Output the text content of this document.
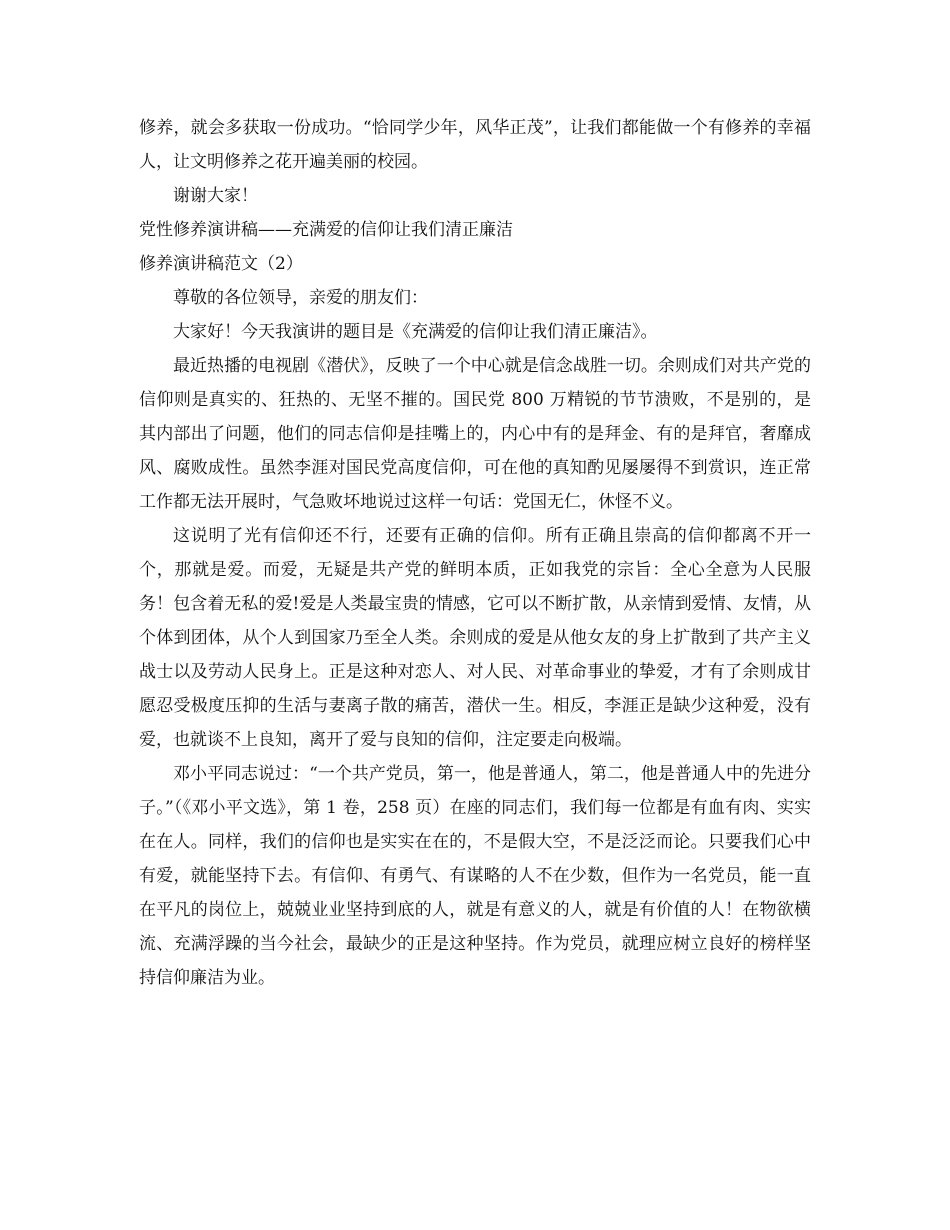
修养，就会多获取一份成功。“恰同学少年，风华正茂”，让我们都能做一个有修养的幸福人，让文明修养之花开遍美丽的校园。

谢谢大家！

党性修养演讲稿——充满爱的信仰让我们清正廉洁

修养演讲稿范文（2）

尊敬的各位领导，亲爱的朋友们：

大家好！今天我演讲的题目是《充满爱的信仰让我们清正廉洁》。

最近热播的电视剧《潜伏》，反映了一个中心就是信念战胜一切。余则成们对共产党的信仰则是真实的、狂热的、无坚不摧的。国民党 800 万精锐的节节溃败，不是别的，是其内部出了问题，他们的同志信仰是挂嘴上的，内心中有的是拜金、有的是拜官，奢靡成风、腐败成性。虽然李涯对国民党高度信仰，可在他的真知酌见屡屡得不到赏识，连正常工作都无法开展时，气急败坏地说过这样一句话：党国无仁，休怪不义。

这说明了光有信仰还不行，还要有正确的信仰。所有正确且崇高的信仰都离不开一个，那就是爱。而爱，无疑是共产党的鲜明本质，正如我党的宗旨：全心全意为人民服务！包含着无私的爱!爱是人类最宝贵的情感，它可以不断扩散，从亲情到爱情、友情，从个体到团体，从个人到国家乃至全人类。余则成的爱是从他女友的身上扩散到了共产主义战士以及劳动人民身上。正是这种对恋人、对人民、对革命事业的挚爱，才有了余则成甘愿忍受极度压抑的生活与妻离子散的痛苦，潜伏一生。相反，李涯正是缺少这种爱，没有爱，也就谈不上良知，离开了爱与良知的信仰，注定要走向极端。

邓小平同志说过：“一个共产党员，第一，他是普通人，第二，他是普通人中的先进分子。”（《邓小平文选》，第 1 卷，258 页）在座的同志们，我们每一位都是有血有肉、实实在在人。同样，我们的信仰也是实实在在的，不是假大空，不是泛泛而论。只要我们心中有爱，就能坚持下去。有信仰、有勇气、有谋略的人不在少数，但作为一名党员，能一直在平凡的岗位上，兢兢业业坚持到底的人，就是有意义的人，就是有价值的人！在物欲横流、充满浮躁的当今社会，最缺少的正是这种坚持。作为党员，就理应树立良好的榜样坚持信仰廉洁为业。
